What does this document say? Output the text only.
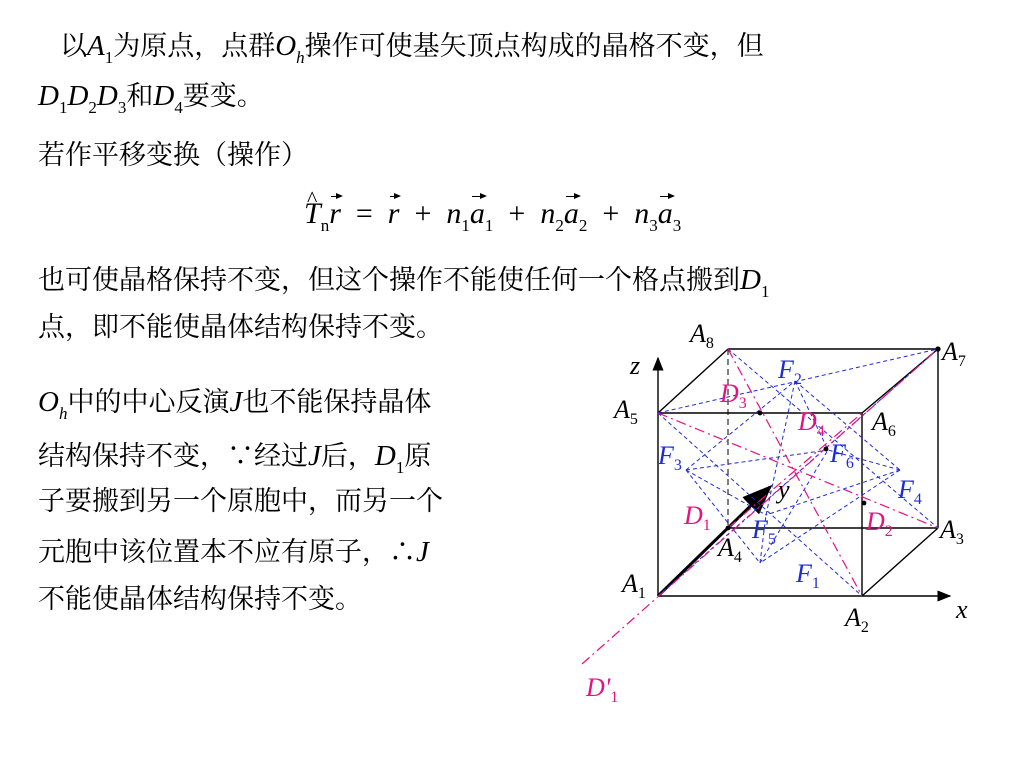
以$A_1$为原点，点群$O_h$操作可使基矢顶点构成的晶格不变，但
$D_1D_2D_3$和$D_4$要变。
若作平移变换（操作）
^ $T_nr = r + n_1a_1 + n_2a_2 + n_3a_3$
也可使晶格保持不变，但这个操作不能使任何一个格点搬到$D_1$
点，即不能使晶体结构保持不变。
$O_h$中的中心反演J也不能保持晶体
结构保持不变，∵经过J后，$D_1$原
子要搬到另一个原胞中，而另一个
元胞中该位置本不应有原子，∴J
不能使晶体结构保持不变。
$A_1$
$A_2$
$A_3$
$A_4$
$A_5$	$A_6$
$A_7$
$A_8$
x
y
z
$D_1$	$D_2$
$D_3$
$D_4$
$D'_1$
$F_1$
$F_2$
$F_3$
$F_4$
$F_5$
$F_6$
